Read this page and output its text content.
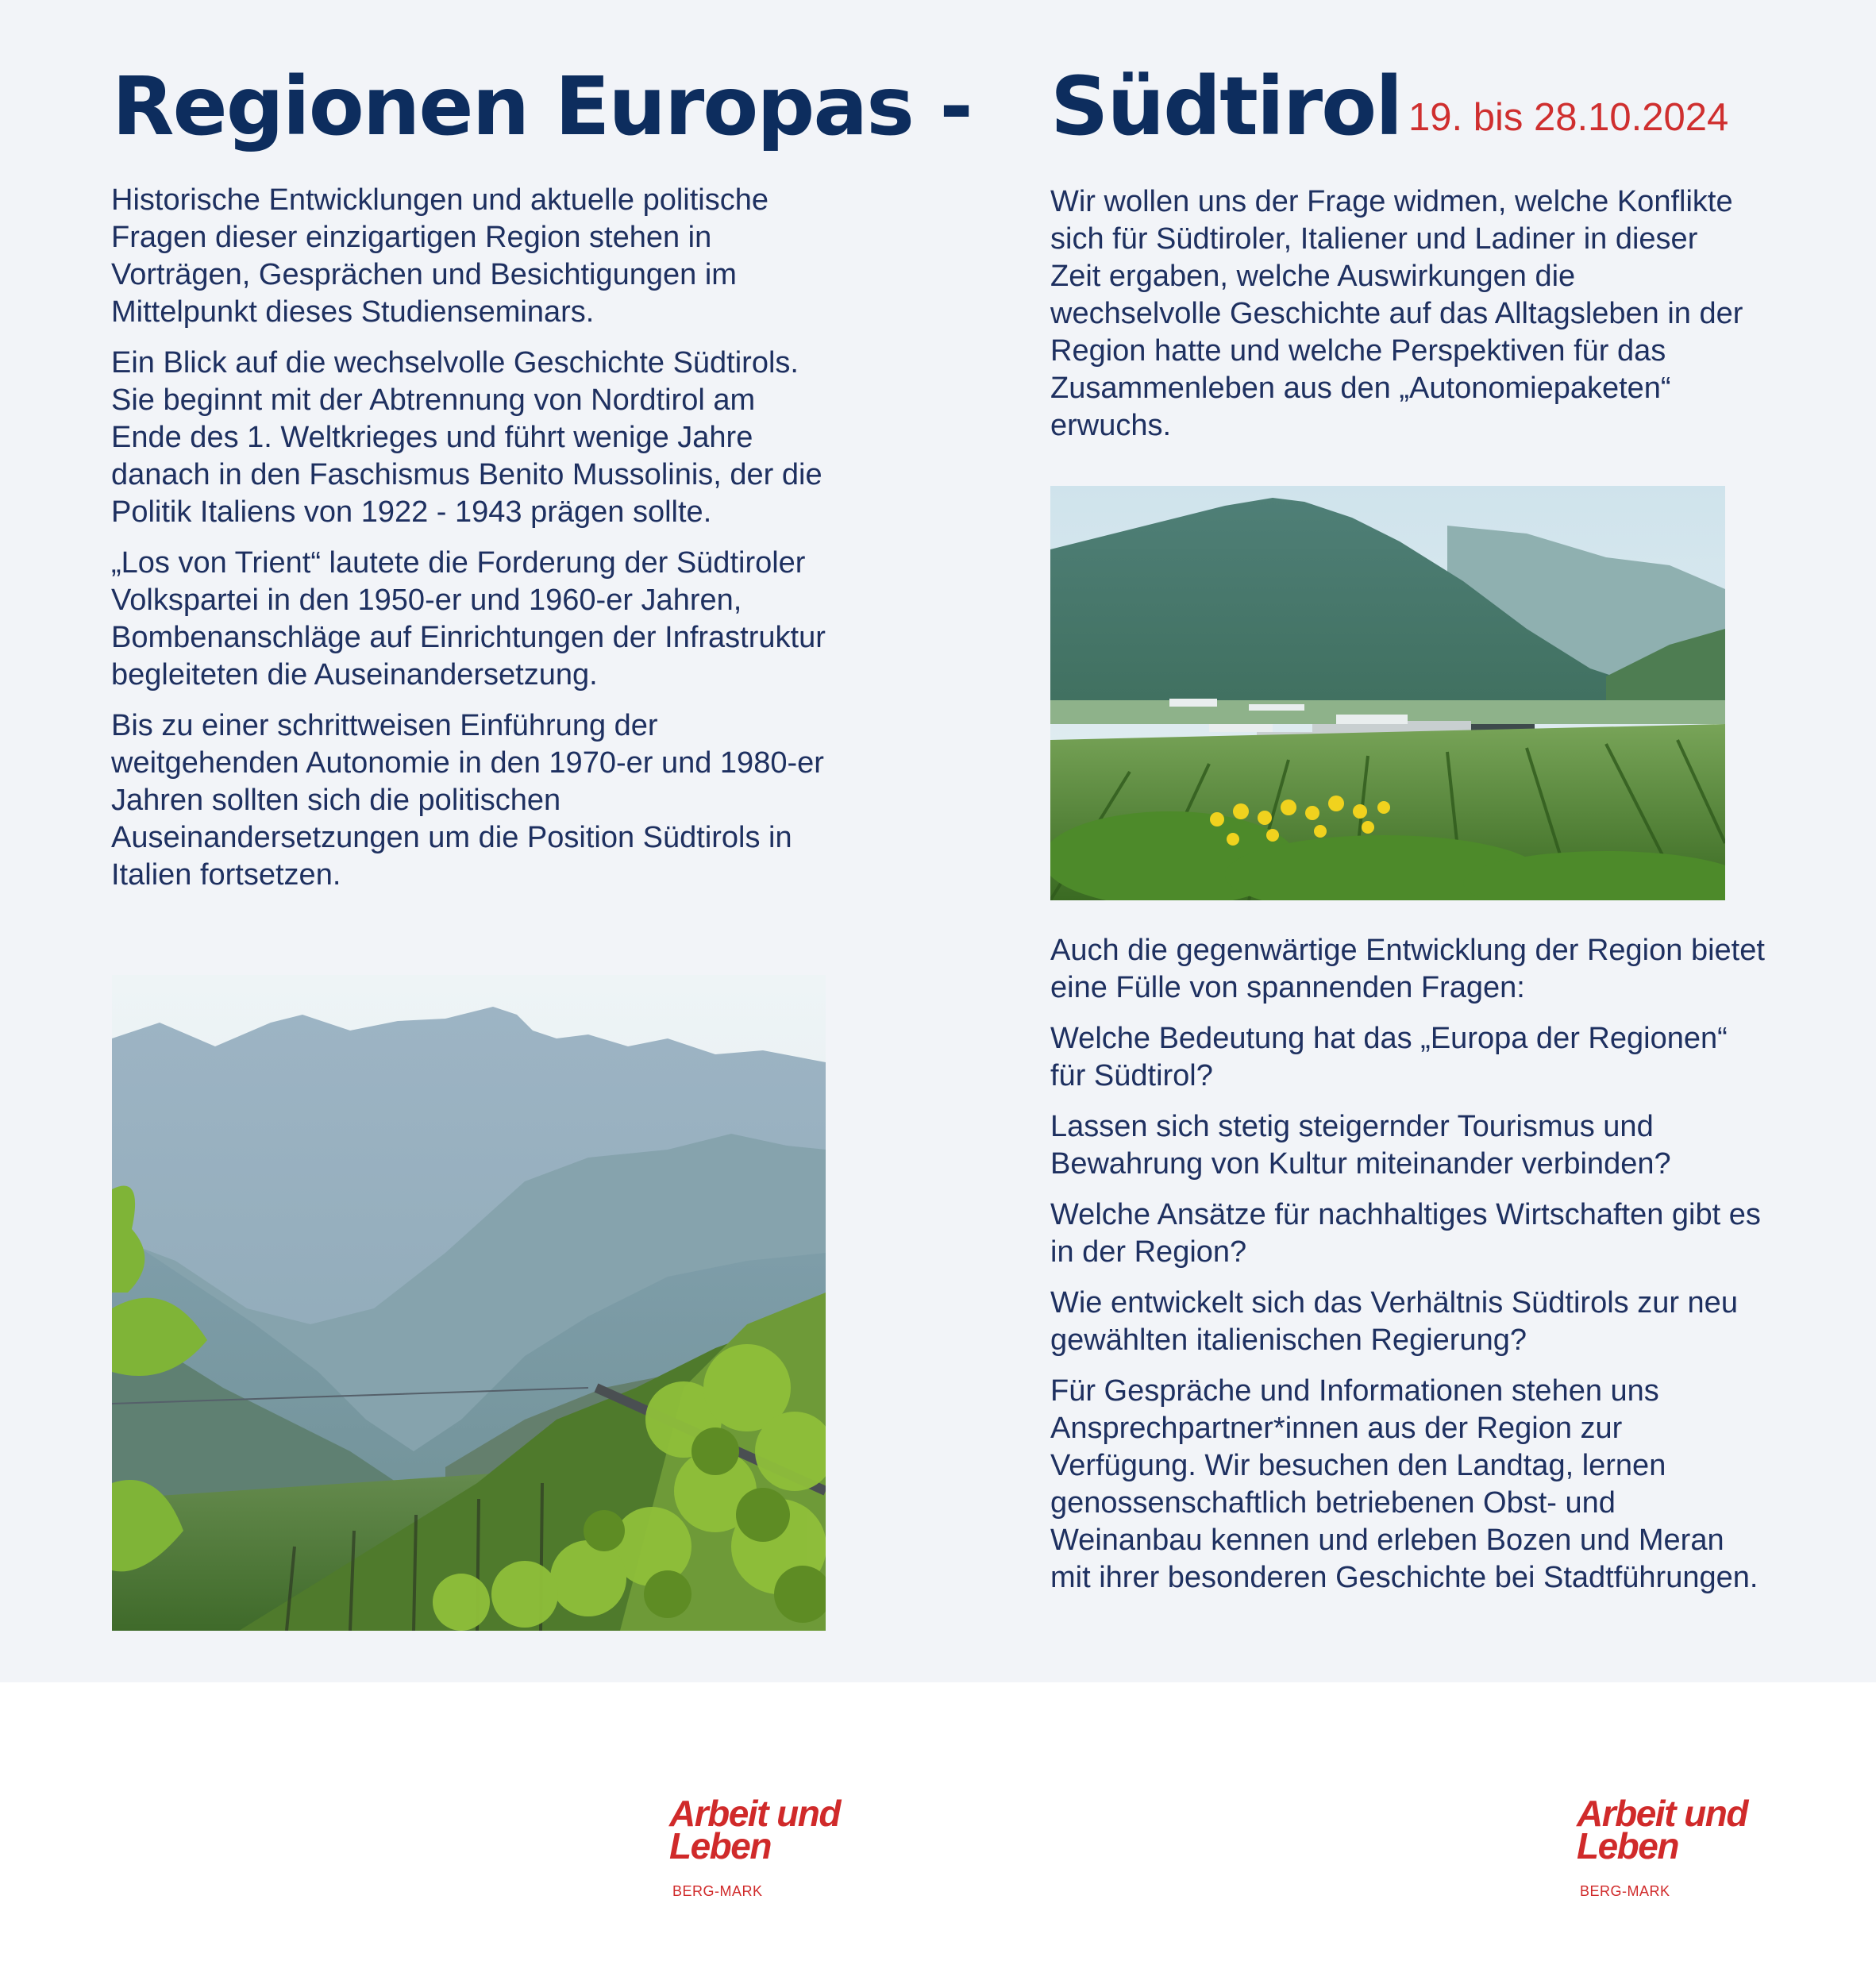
Regionen Europas - Südtirol 19. bis 28.10.2024

Historische Entwicklungen und aktuelle politische Fragen dieser einzigartigen Region stehen in Vorträgen, Gesprächen und Besichtigungen im Mittelpunkt dieses Studienseminars.

Ein Blick auf die wechselvolle Geschichte Südtirols. Sie beginnt mit der Abtrennung von Nordtirol am Ende des 1. Weltkrieges und führt wenige Jahre danach in den Faschismus Benito Mussolinis, der die Politik Italiens von 1922 - 1943 prägen sollte.

„Los von Trient“ lautete die Forderung der Südtiroler Volkspartei in den 1950-er und 1960-er Jahren, Bombenanschläge auf Einrichtungen der Infrastruktur begleiteten die Auseinandersetzung.

Bis zu einer schrittweisen Einführung der weitgehenden Autonomie in den 1970-er und 1980-er Jahren sollten sich die politischen Auseinandersetzungen um die Position Südtirols in Italien fortsetzen.

Wir wollen uns der Frage widmen, welche Konflikte sich für Südtiroler, Italiener und Ladiner in dieser Zeit ergaben, welche Auswirkungen die wechselvolle Geschichte auf das Alltagsleben in der Region hatte und welche Perspektiven für das Zusammenleben aus den „Autonomiepaketen“ erwuchs.

Auch die gegenwärtige Entwicklung der Region bietet eine Fülle von spannenden Fragen:

Welche Bedeutung hat das „Europa der Regionen“ für Südtirol?

Lassen sich stetig steigernder Tourismus und Bewahrung von Kultur miteinander verbinden?

Welche Ansätze für nachhaltiges Wirtschaften gibt es in der Region?

Wie entwickelt sich das Verhältnis Südtirols zur neu gewählten italienischen Regierung?

Für Gespräche und Informationen stehen uns Ansprechpartner*innen aus der Region zur Verfügung. Wir besuchen den Landtag, lernen genossenschaftlich betriebenen Obst- und Weinanbau kennen und erleben Bozen und Meran mit ihrer besonderen Geschichte bei Stadtführungen.

Arbeit und
Leben
BERG-MARK
Arbeit und
Leben
BERG-MARK
